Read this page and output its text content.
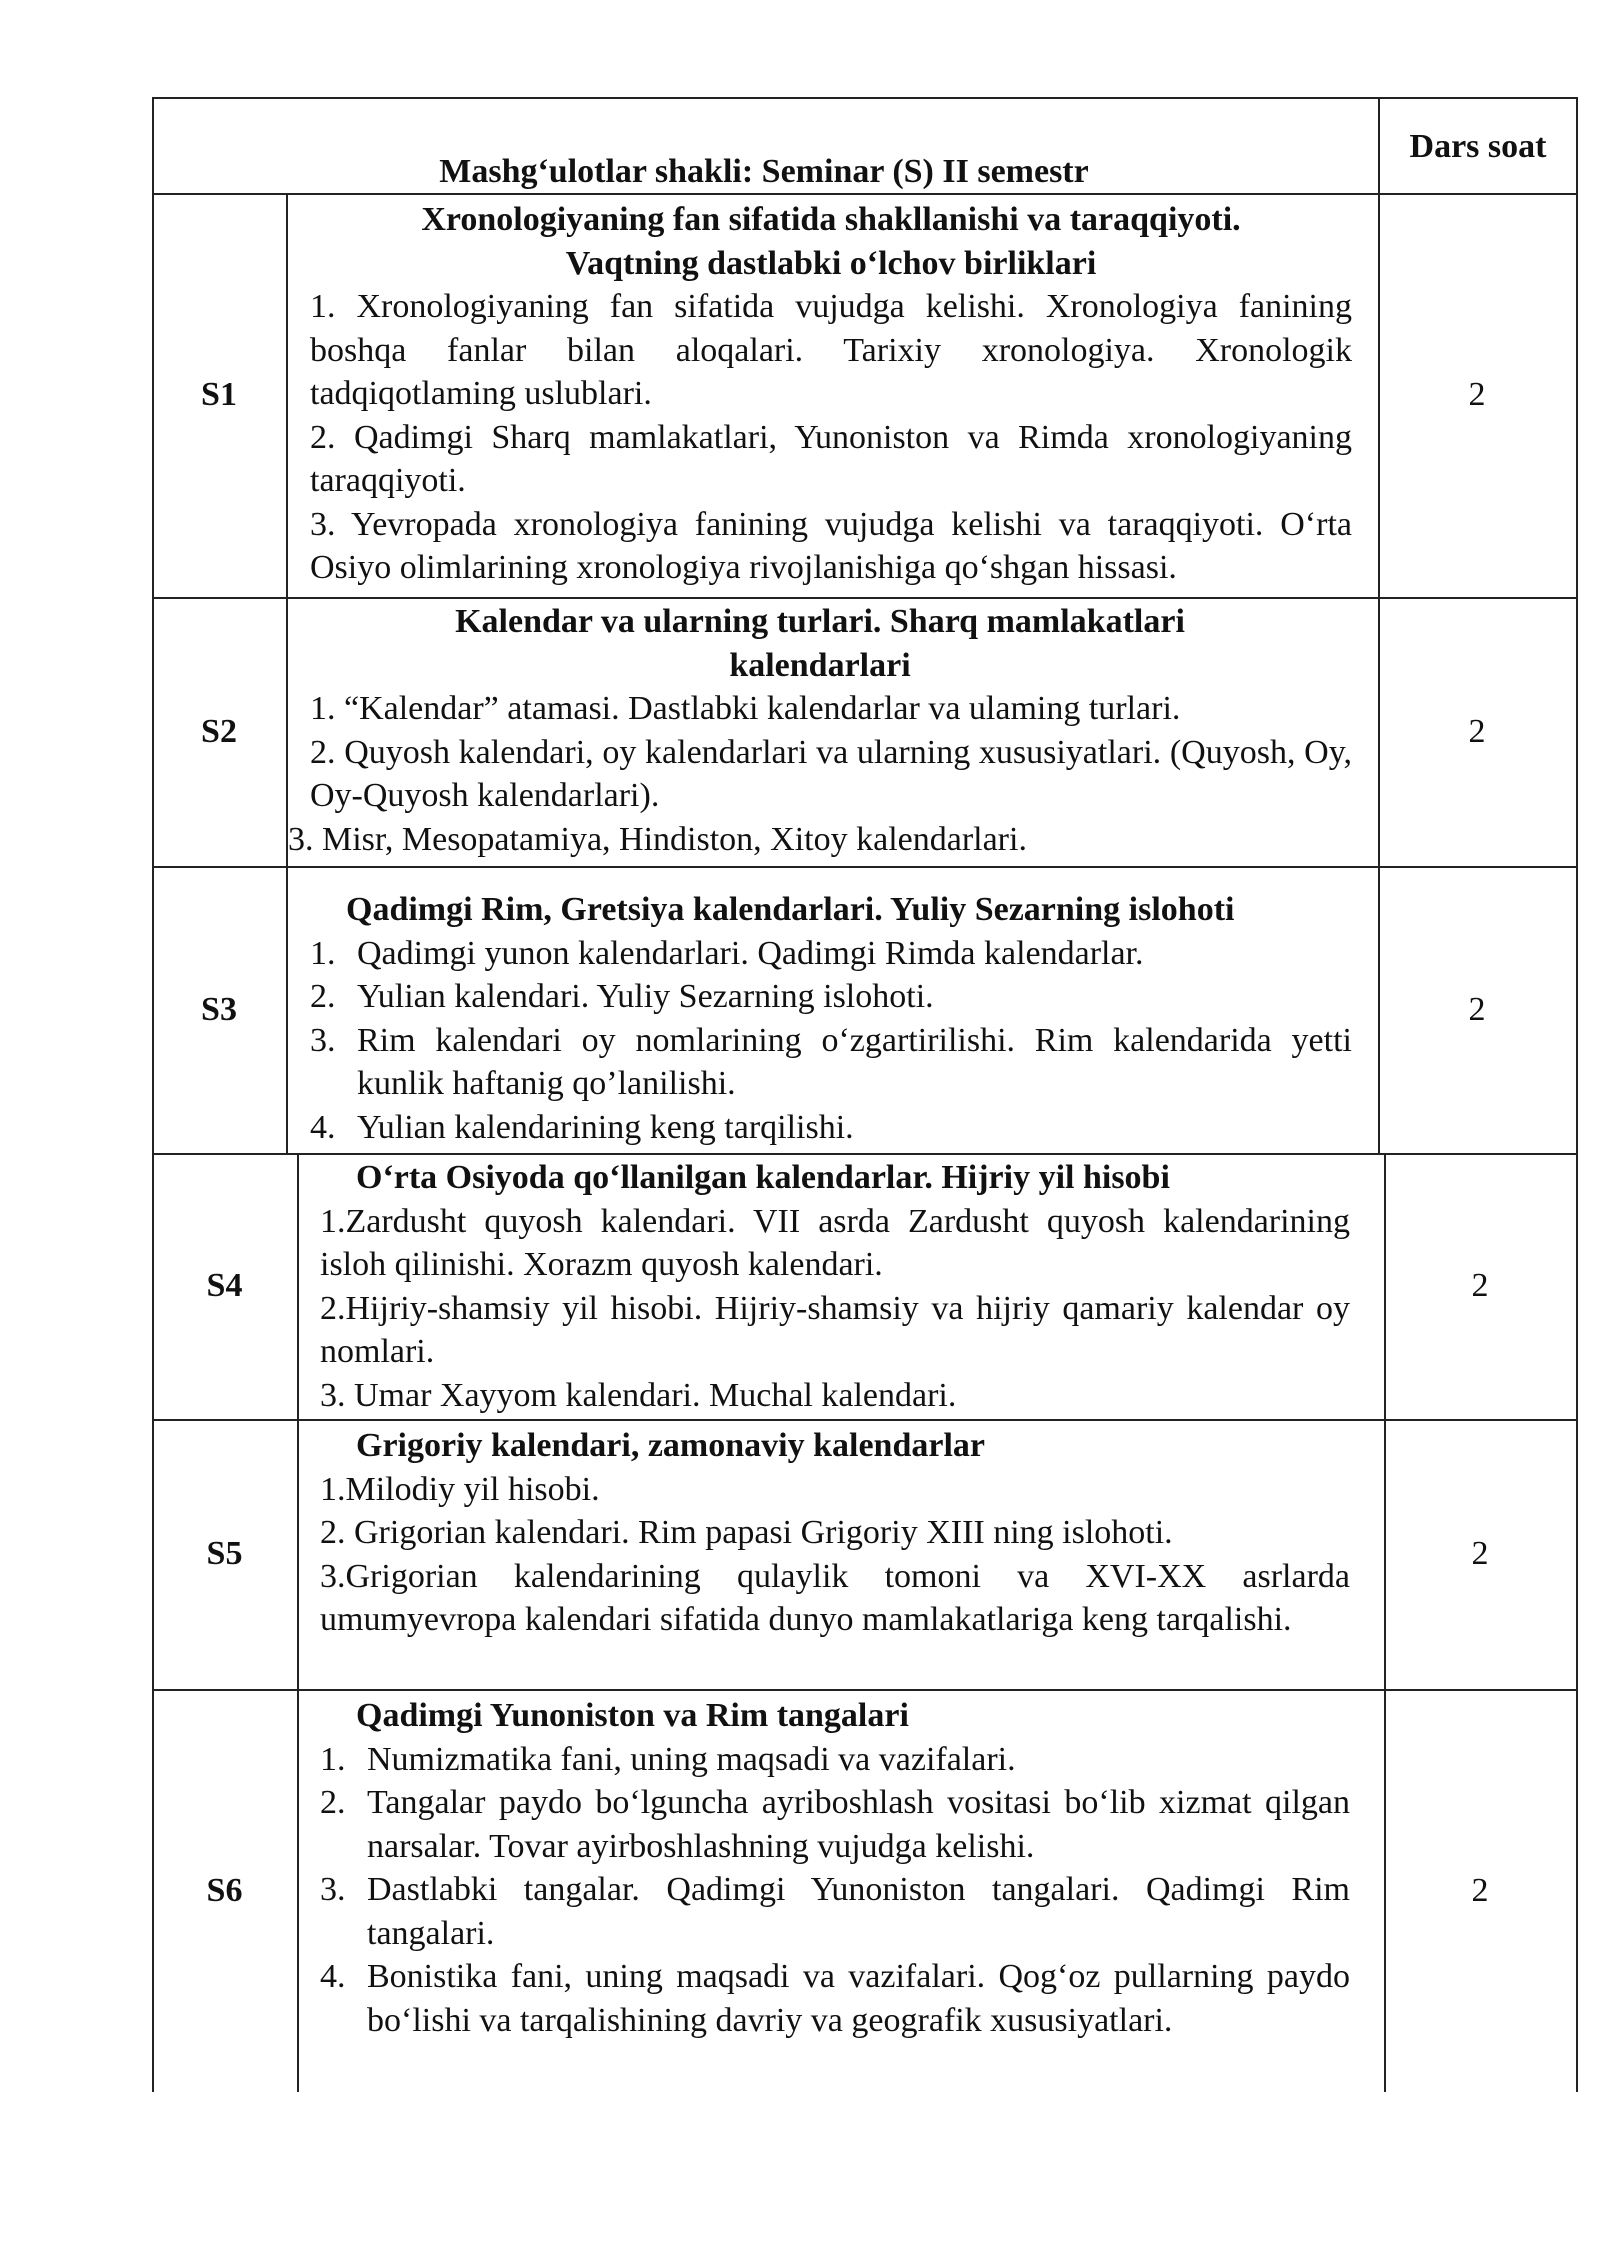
Mashg‘ulotlar shakli: Seminar (S) II semestr
Dars soat
S1
Xronologiyaning fan sifatida shakllanishi va taraqqiyoti.
Vaqtning dastlabki o‘lchov birliklari
1. Xronologiyaning fan sifatida vujudga kelishi. Xronologiya fanining boshqa fanlar bilan aloqalari. Tarixiy xronologiya. Xronologik tadqiqotlaming uslublari.
2. Qadimgi Sharq mamlakatlari, Yunoniston va Rimda xronologiyaning taraqqiyoti.
3. Yevropada xronologiya fanining vujudga kelishi va taraqqiyoti. O‘rta Osiyo olimlarining xronologiya rivojlanishiga qo‘shgan hissasi.
2
S2
Kalendar va ularning turlari. Sharq mamlakatlari
kalendarlari
1. “Kalendar” atamasi. Dastlabki kalendarlar va ulaming turlari.
2. Quyosh kalendari, oy kalendarlari va ularning xususiyatlari. (Quyosh, Oy, Oy-Quyosh kalendarlari).
3. Misr, Mesopatamiya, Hindiston, Xitoy kalendarlari.
2
S3
Qadimgi Rim, Gretsiya kalendarlari. Yuliy Sezarning islohoti
1. Qadimgi yunon kalendarlari. Qadimgi Rimda kalendarlar.
2. Yulian kalendari. Yuliy Sezarning islohoti.
3. Rim kalendari oy nomlarining o‘zgartirilishi. Rim kalendarida yetti kunlik haftanig qo’lanilishi.
4. Yulian kalendarining keng tarqilishi.
2
S4
O‘rta Osiyoda qo‘llanilgan kalendarlar. Hijriy yil hisobi
1.Zardusht quyosh kalendari. VII asrda Zardusht quyosh kalendarining isloh qilinishi. Xorazm quyosh kalendari.
2.Hijriy-shamsiy yil hisobi. Hijriy-shamsiy va hijriy qamariy kalendar oy nomlari.
3. Umar Xayyom kalendari. Muchal kalendari.
2
S5
Grigoriy kalendari, zamonaviy kalendarlar
1.Milodiy yil hisobi.
2. Grigorian kalendari. Rim papasi Grigoriy XIII ning islohoti.
3.Grigorian kalendarining qulaylik tomoni va XVI-XX asrlarda umumyevropa kalendari sifatida dunyo mamlakatlariga keng tarqalishi.
2
S6
Qadimgi Yunoniston va Rim tangalari
1. Numizmatika fani, uning maqsadi va vazifalari.
2. Tangalar paydo bo‘lguncha ayriboshlash vositasi bo‘lib xizmat qilgan narsalar. Tovar ayirboshlashning vujudga kelishi.
3. Dastlabki tangalar. Qadimgi Yunoniston tangalari. Qadimgi Rim tangalari.
4. Bonistika fani, uning maqsadi va vazifalari. Qog‘oz pullarning paydo bo‘lishi va tarqalishining davriy va geografik xususiyatlari.
2
